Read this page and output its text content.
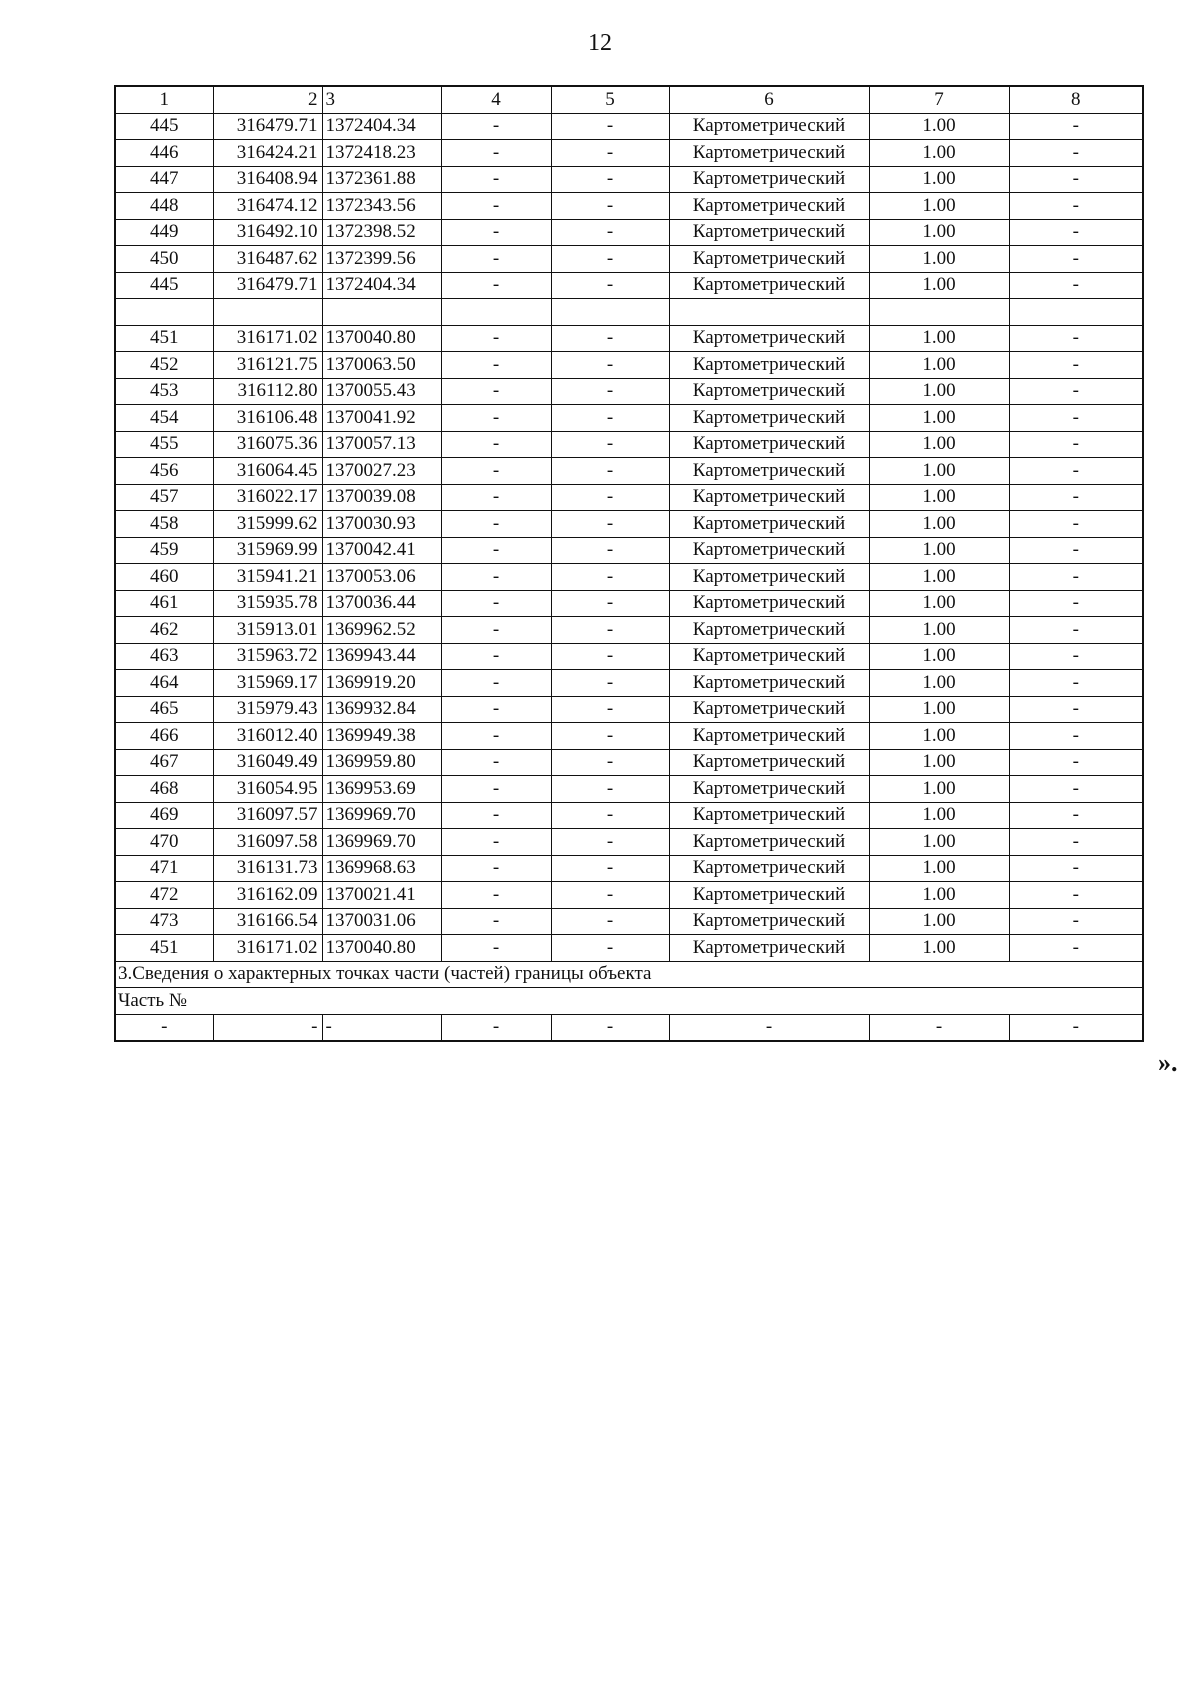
12
1	2	3	4	5	6	7	8
445	316479.71	1372404.34	-	-	Картометрический	1.00	-
446	316424.21	1372418.23	-	-	Картометрический	1.00	-
447	316408.94	1372361.88	-	-	Картометрический	1.00	-
448	316474.12	1372343.56	-	-	Картометрический	1.00	-
449	316492.10	1372398.52	-	-	Картометрический	1.00	-
450	316487.62	1372399.56	-	-	Картометрический	1.00	-
445	316479.71	1372404.34	-	-	Картометрический	1.00	-

451	316171.02	1370040.80	-	-	Картометрический	1.00	-
452	316121.75	1370063.50	-	-	Картометрический	1.00	-
453	316112.80	1370055.43	-	-	Картометрический	1.00	-
454	316106.48	1370041.92	-	-	Картометрический	1.00	-
455	316075.36	1370057.13	-	-	Картометрический	1.00	-
456	316064.45	1370027.23	-	-	Картометрический	1.00	-
457	316022.17	1370039.08	-	-	Картометрический	1.00	-
458	315999.62	1370030.93	-	-	Картометрический	1.00	-
459	315969.99	1370042.41	-	-	Картометрический	1.00	-
460	315941.21	1370053.06	-	-	Картометрический	1.00	-
461	315935.78	1370036.44	-	-	Картометрический	1.00	-
462	315913.01	1369962.52	-	-	Картометрический	1.00	-
463	315963.72	1369943.44	-	-	Картометрический	1.00	-
464	315969.17	1369919.20	-	-	Картометрический	1.00	-
465	315979.43	1369932.84	-	-	Картометрический	1.00	-
466	316012.40	1369949.38	-	-	Картометрический	1.00	-
467	316049.49	1369959.80	-	-	Картометрический	1.00	-
468	316054.95	1369953.69	-	-	Картометрический	1.00	-
469	316097.57	1369969.70	-	-	Картометрический	1.00	-
470	316097.58	1369969.70	-	-	Картометрический	1.00	-
471	316131.73	1369968.63	-	-	Картометрический	1.00	-
472	316162.09	1370021.41	-	-	Картометрический	1.00	-
473	316166.54	1370031.06	-	-	Картометрический	1.00	-
451	316171.02	1370040.80	-	-	Картометрический	1.00	-
3.Сведения о характерных точках части (частей) границы объекта							
Часть №							
-	-	-	-	-	-	-	-
».
